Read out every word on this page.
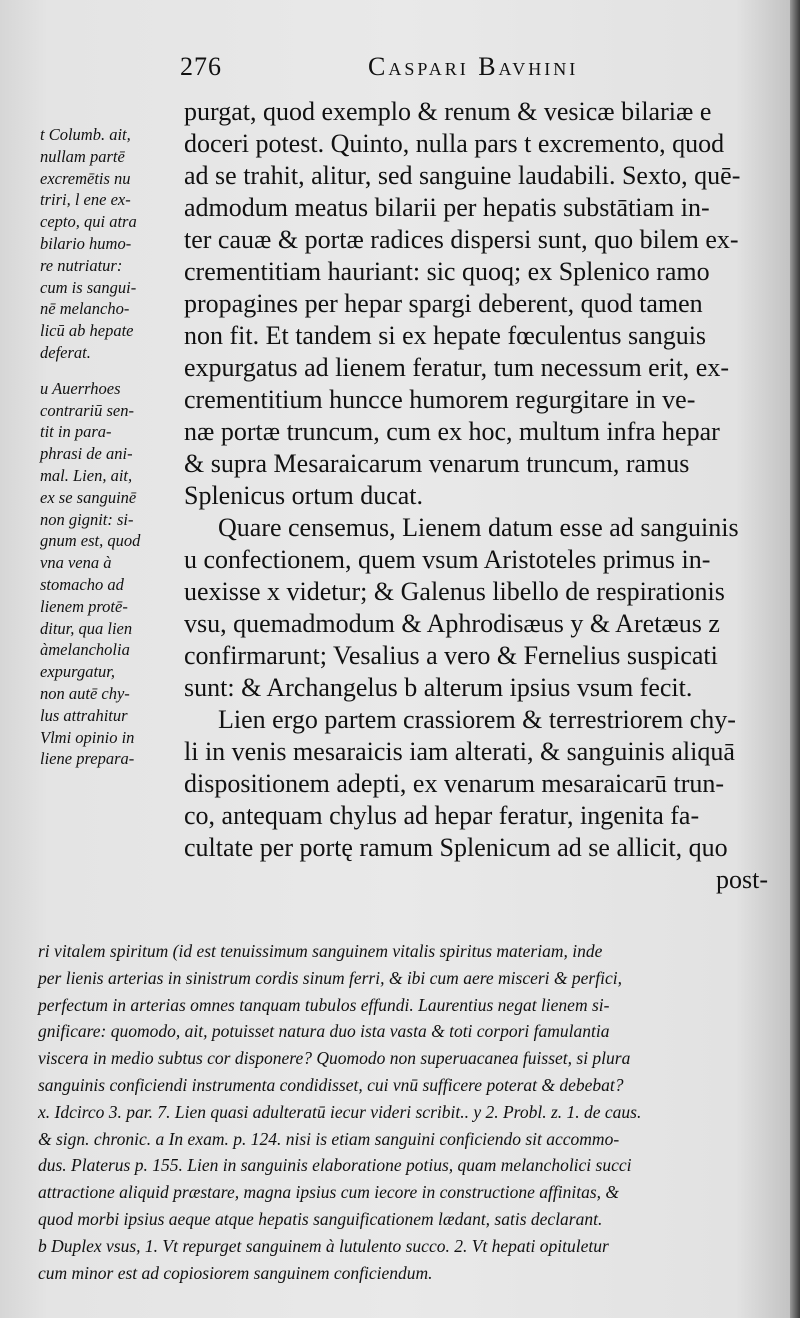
276	Caspari Bavhini
purgat, quod exemplo & renum & vesicæ bilariæ e
doceri potest. Quinto, nulla pars t excremento, quod
ad se trahit, alitur, sed sanguine laudabili. Sexto, quē-
admodum meatus bilarii per hepatis substātiam in-
ter cauæ & portæ radices dispersi sunt, quo bilem ex-
crementitiam hauriant: sic quoq; ex Splenico ramo
propagines per hepar spargi deberent, quod tamen
non fit. Et tandem si ex hepate fœculentus sanguis
expurgatus ad lienem feratur, tum necessum erit, ex-
crementitium huncce humorem regurgitare in ve-
næ portæ truncum, cum ex hoc, multum infra hepar
& supra Mesaraicarum venarum truncum, ramus
Splenicus ortum ducat.
Quare censemus, Lienem datum esse ad sanguinis
u confectionem, quem vsum Aristoteles primus in-
uexisse x videtur; & Galenus libello de respirationis
vsu, quemadmodum & Aphrodisæus y & Aretæus z
confirmarunt; Vesalius a vero & Fernelius suspicati
sunt: & Archangelus b alterum ipsius vsum fecit.
Lien ergo partem crassiorem & terrestriorem chy-
li in venis mesaraicis iam alterati, & sanguinis aliquā
dispositionem adepti, ex venarum mesaraicarū trun-
co, antequam chylus ad hepar feratur, ingenita fa-
cultate per portę ramum Splenicum ad se allicit, quo
post-
t Columb. ait,
nullam partē
excremētis nu
triri, l ene ex-
cepto, qui atra
bilario humo-
re nutriatur:
cum is sangui-
nē melancho-
licū ab hepate
deferat.
u Auerrhoes
contrariū sen-
tit in para-
phrasi de ani-
mal. Lien, ait,
ex se sanguinē
non gignit: si-
gnum est, quod
vna vena à
stomacho ad
lienem protē-
ditur, qua lien
àmelancholia
expurgatur,
non autē chy-
lus attrahitur
Vlmi opinio in
liene prepara-
ri vitalem spiritum (id est tenuissimum sanguinem vitalis spiritus materiam, inde
per lienis arterias in sinistrum cordis sinum ferri, & ibi cum aere misceri & perfici,
perfectum in arterias omnes tanquam tubulos effundi. Laurentius negat lienem si-
gnificare: quomodo, ait, potuisset natura duo ista vasta & toti corpori famulantia
viscera in medio subtus cor disponere? Quomodo non superuacanea fuisset, si plura
sanguinis conficiendi instrumenta condidisset, cui vnū sufficere poterat & debebat?
x. Idcirco 3. par. 7. Lien quasi adulteratū iecur videri scribit.. y 2. Probl. z. 1. de caus.
& sign. chronic. a In exam. p. 124. nisi is etiam sanguini conficiendo sit accommo-
dus. Platerus p. 155. Lien in sanguinis elaboratione potius, quam melancholici succi
attractione aliquid præstare, magna ipsius cum iecore in constructione affinitas, &
quod morbi ipsius aeque atque hepatis sanguificationem lædant, satis declarant.
b Duplex vsus, 1. Vt repurget sanguinem à lutulento succo. 2. Vt hepati opituletur
cum minor est ad copiosiorem sanguinem conficiendum.
